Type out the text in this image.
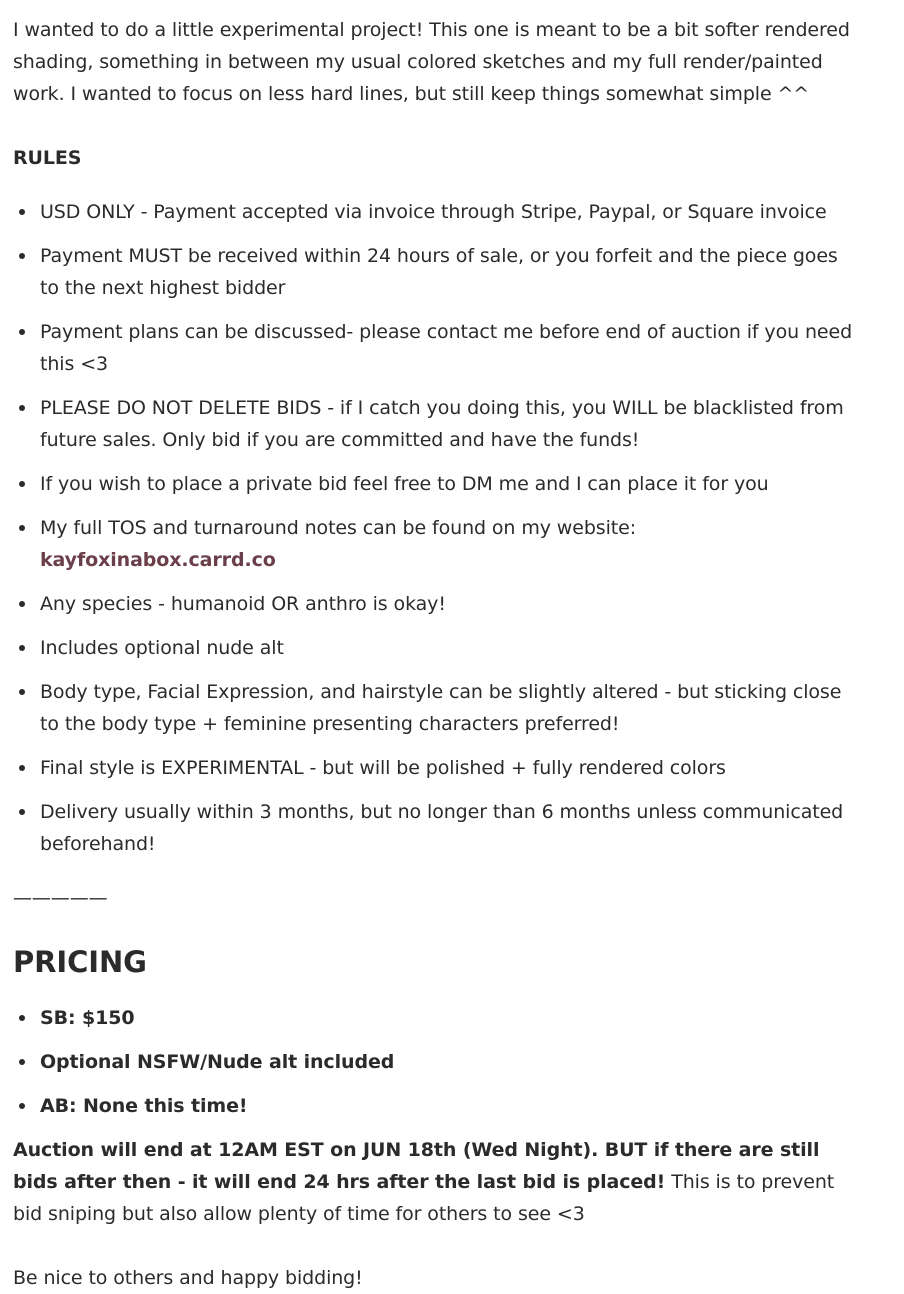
I wanted to do a little experimental project! This one is meant to be a bit softer rendered shading, something in between my usual colored sketches and my full render/painted work. I wanted to focus on less hard lines, but still keep things somewhat simple ^^

RULES

USD ONLY - Payment accepted via invoice through Stripe, Paypal, or Square invoice
Payment MUST be received within 24 hours of sale, or you forfeit and the piece goes to the next highest bidder
Payment plans can be discussed- please contact me before end of auction if you need this <3
PLEASE DO NOT DELETE BIDS - if I catch you doing this, you WILL be blacklisted from future sales. Only bid if you are committed and have the funds!
If you wish to place a private bid feel free to DM me and I can place it for you
My full TOS and turnaround notes can be found on my website: kayfoxinabox.carrd.co
Any species - humanoid OR anthro is okay!
Includes optional nude alt
Body type, Facial Expression, and hairstyle can be slightly altered - but sticking close to the body type + feminine presenting characters preferred!
Final style is EXPERIMENTAL - but will be polished + fully rendered colors
Delivery usually within 3 months, but no longer than 6 months unless communicated beforehand!

—————

PRICING

SB: $150
Optional NSFW/Nude alt included
AB: None this time!

Auction will end at 12AM EST on JUN 18th (Wed Night). BUT if there are still bids after then - it will end 24 hrs after the last bid is placed! This is to prevent bid sniping but also allow plenty of time for others to see <3

Be nice to others and happy bidding!
